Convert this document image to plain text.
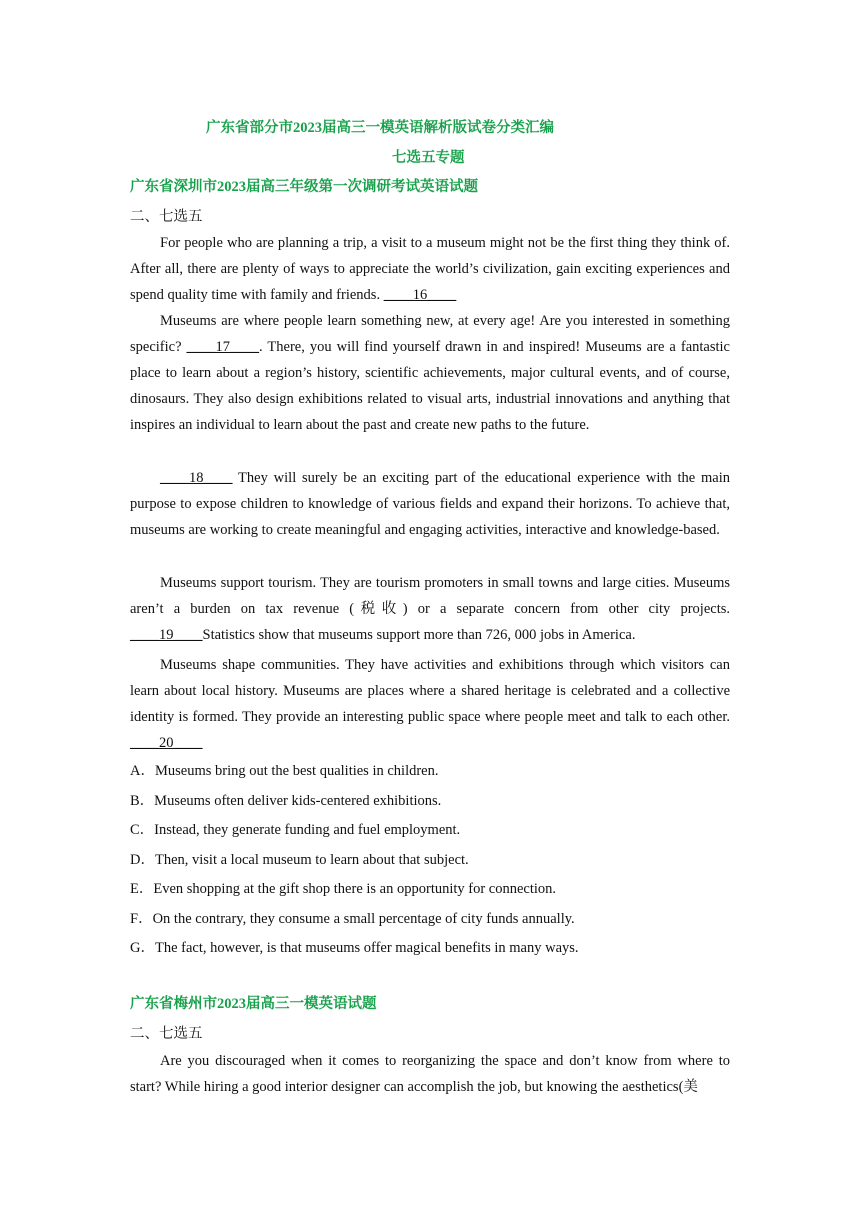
广东省部分市2023届高三一模英语解析版试卷分类汇编
七选五专题
广东省深圳市2023届高三年级第一次调研考试英语试题
二、七选五

For people who are planning a trip, a visit to a museum might not be the first thing they think of. After all, there are plenty of ways to appreciate the world’s civilization, gain exciting experiences and spend quality time with family and friends. ____16____

Museums are where people learn something new, at every age! Are you interested in something specific? ____17____. There, you will find yourself drawn in and inspired! Museums are a fantastic place to learn about a region’s history, scientific achievements, major cultural events, and of course, dinosaurs. They also design exhibitions related to visual arts, industrial innovations and anything that inspires an individual to learn about the past and create new paths to the future.

____18____ They will surely be an exciting part of the educational experience with the main purpose to expose children to knowledge of various fields and expand their horizons. To achieve that, museums are working to create meaningful and engaging activities, interactive and knowledge-based.

Museums support tourism. They are tourism promoters in small towns and large cities. Museums aren’t a burden on tax revenue (税收) or a separate concern from other city projects. ____19____Statistics show that museums support more than 726, 000 jobs in America.

Museums shape communities. They have activities and exhibitions through which visitors can learn about local history. Museums are places where a shared heritage is celebrated and a collective identity is formed. They provide an interesting public space where people meet and talk to each other. ____20____

A．Museums bring out the best qualities in children.
B．Museums often deliver kids-centered exhibitions.
C．Instead, they generate funding and fuel employment.
D．Then, visit a local museum to learn about that subject.
E．Even shopping at the gift shop there is an opportunity for connection.
F．On the contrary, they consume a small percentage of city funds annually.
G．The fact, however, is that museums offer magical benefits in many ways.
广东省梅州市2023届高三一模英语试题
二、七选五

Are you discouraged when it comes to reorganizing the space and don’t know from where to start? While hiring a good interior designer can accomplish the job, but knowing the aesthetics(美
